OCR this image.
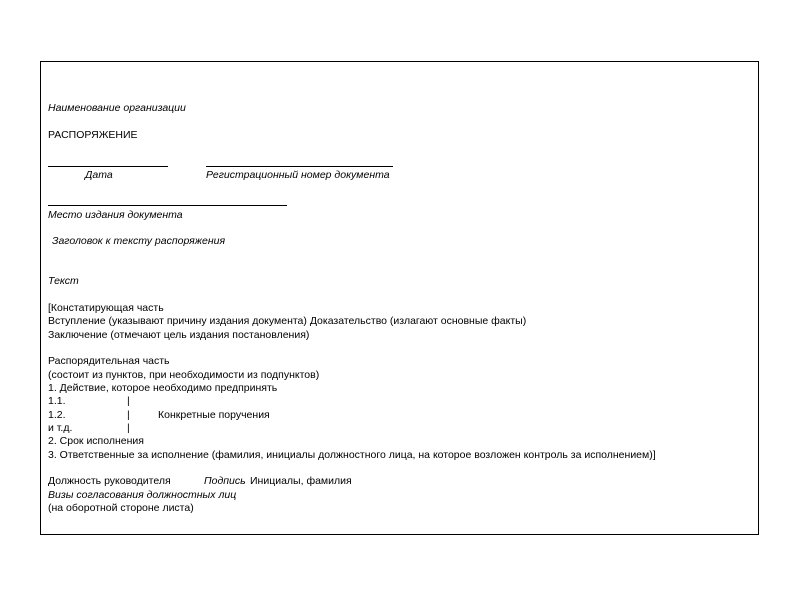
Наименование организации
РАСПОРЯЖЕНИЕ
Дата	Регистрационный номер документа
Место издания документа
Заголовок к тексту распоряжения
Текст
[Констатирующая часть
Вступление (указывают причину издания документа) Доказательство (излагают основные факты)
Заключение (отмечают цель издания постановления)
Распорядительная часть
(состоит из пунктов, при необходимости из подпунктов)
1. Действие, которое необходимо предпринять
1.1.	|
1.2.	|	Конкретные поручения
и т.д.	|
2. Срок исполнения
3. Ответственные за исполнение (фамилия, инициалы должностного лица, на которое возложен контроль за исполнением)]
Должность руководителя	Подпись Инициалы, фамилия
Визы согласования должностных лиц
(на оборотной стороне листа)
